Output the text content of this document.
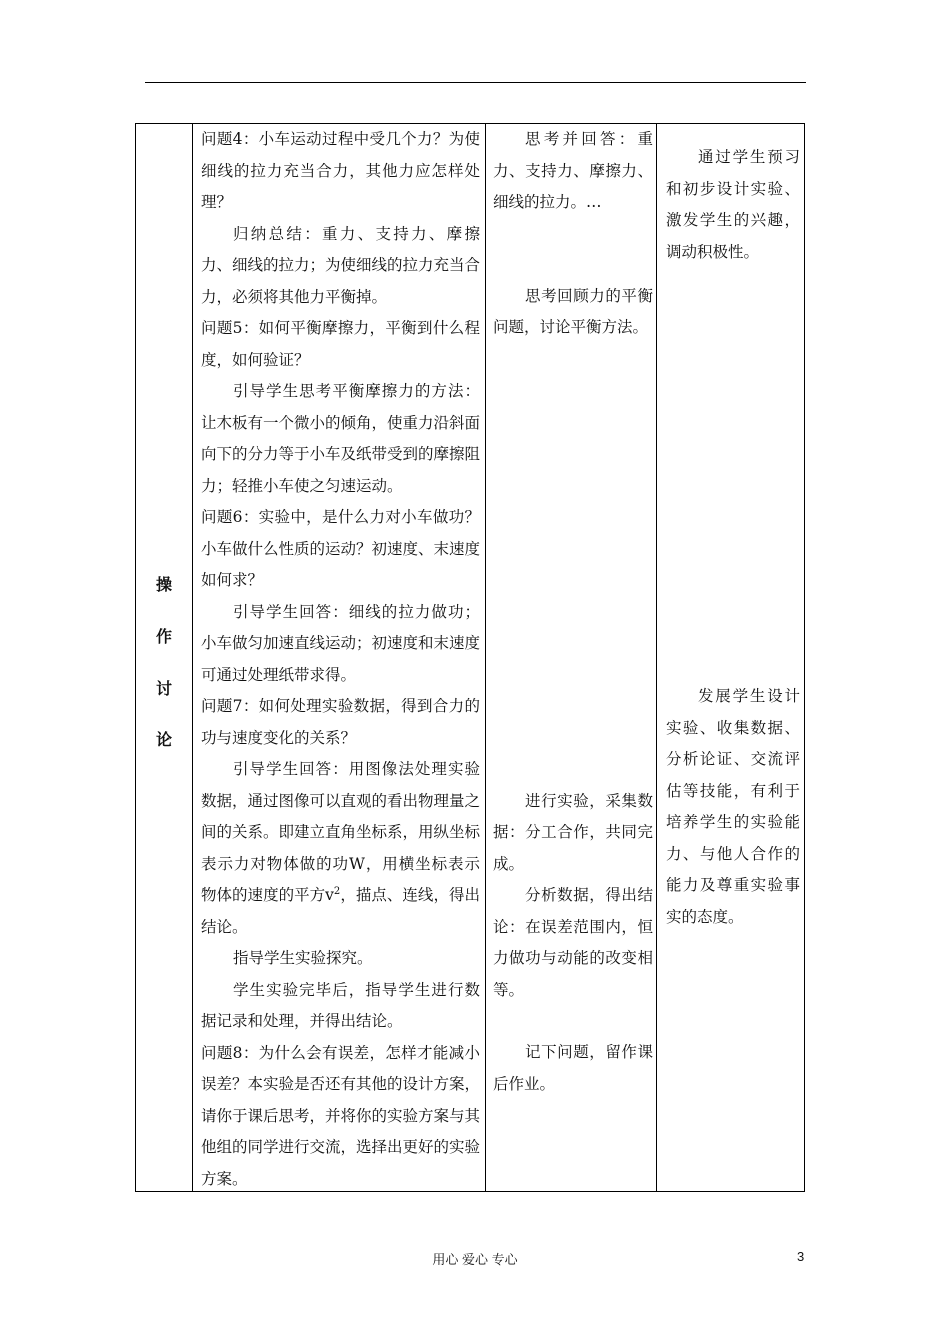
操
作
讨
论

问题4：小车运动过程中受几个力？为使细线的拉力充当合力，其他力应怎样处理？

归纳总结：重力、支持力、摩擦力、细线的拉力；为使细线的拉力充当合力，必须将其他力平衡掉。

问题5：如何平衡摩擦力，平衡到什么程度，如何验证？

引导学生思考平衡摩擦力的方法：让木板有一个微小的倾角，使重力沿斜面向下的分力等于小车及纸带受到的摩擦阻力；轻推小车使之匀速运动。

问题6：实验中，是什么力对小车做功？小车做什么性质的运动？初速度、末速度如何求？

引导学生回答：细线的拉力做功；小车做匀加速直线运动；初速度和末速度可通过处理纸带求得。

问题7：如何处理实验数据，得到合力的功与速度变化的关系？

引导学生回答：用图像法处理实验数据，通过图像可以直观的看出物理量之间的关系。即建立直角坐标系，用纵坐标表示力对物体做的功W，用横坐标表示物体的速度的平方$v^2$，描点、连线，得出结论。

指导学生实验探究。

学生实验完毕后，指导学生进行数据记录和处理，并得出结论。

问题8：为什么会有误差，怎样才能减小误差？本实验是否还有其他的设计方案，请你于课后思考，并将你的实验方案与其他组的同学进行交流，选择出更好的实验方案。

思考并回答：重力、支持力、摩擦力、细线的拉力。…

思考回顾力的平衡问题，讨论平衡方法。

进行实验，采集数据：分工合作，共同完成。

分析数据，得出结论：在误差范围内，恒力做功与动能的改变相等。

记下问题，留作课后作业。

通过学生预习和初步设计实验、激发学生的兴趣，调动积极性。

发展学生设计实验、收集数据、分析论证、交流评估等技能，有利于培养学生的实验能力、与他人合作的能力及尊重实验事实的态度。

用心 爱心 专心	3
